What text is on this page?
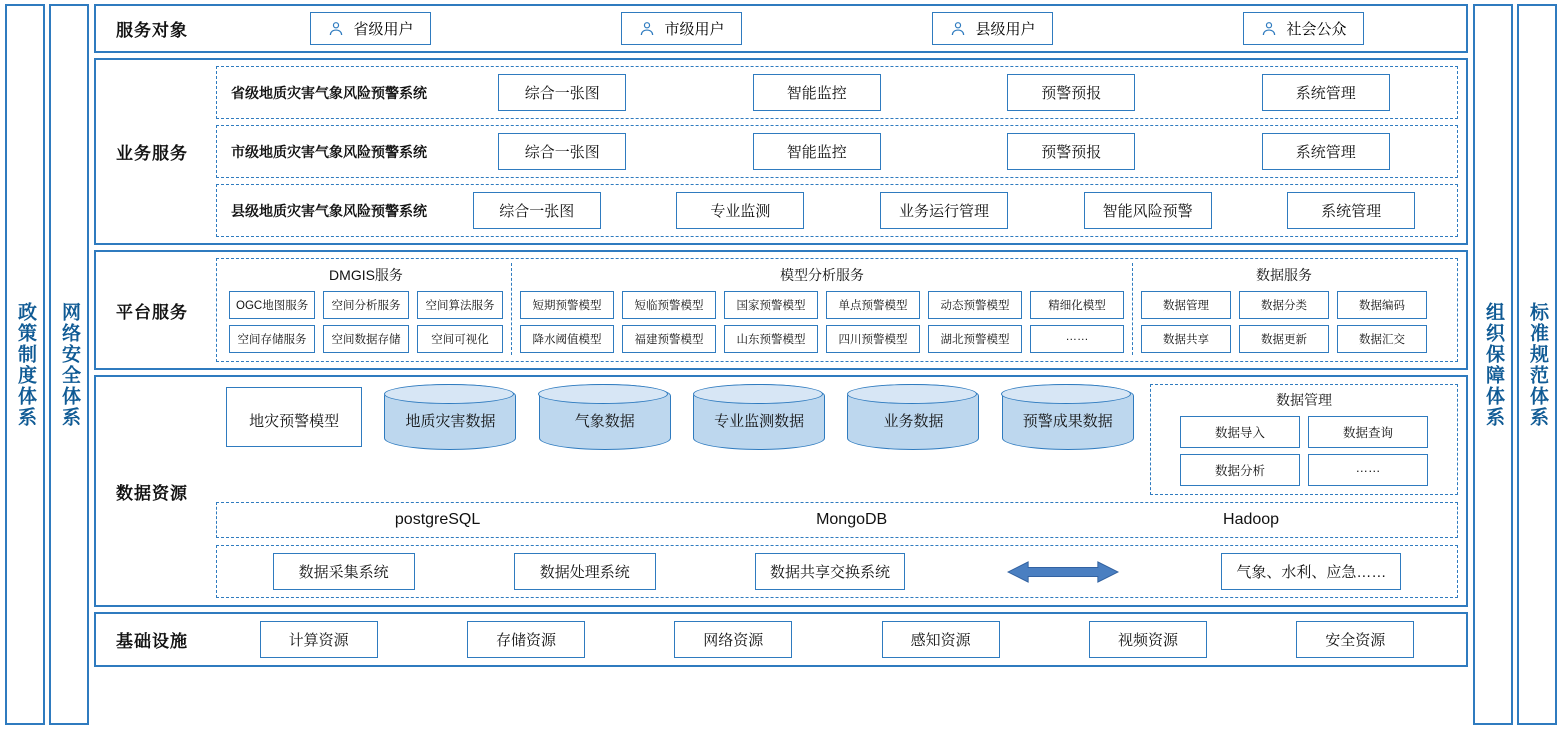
政策制度体系 网络安全体系
服务对象	省级用户	市级用户	县级用户	社会公众
业务服务
省级地质灾害气象风险预警系统	综合一张图	智能监控	预警预报	系统管理
市级地质灾害气象风险预警系统	综合一张图	智能监控	预警预报	系统管理
县级地质灾害气象风险预警系统	综合一张图	专业监测	业务运行管理	智能风险预警	系统管理
平台服务
DMGIS服务
OGC地图服务	空间分析服务	空间算法服务
空间存储服务	空间数据存储	空间可视化
模型分析服务
短期预警模型	短临预警模型	国家预警模型	单点预警模型	动态预警模型	精细化模型
降水阈值模型	福建预警模型	山东预警模型	四川预警模型	湖北预警模型	……
数据服务
数据管理	数据分类	数据编码
数据共享	数据更新	数据汇交
数据资源
地灾预警模型	地质灾害数据	气象数据	专业监测数据	业务数据	预警成果数据
数据管理
数据导入	数据查询
数据分析	……
postgreSQL	MongoDB	Hadoop
数据采集系统	数据处理系统	数据共享交换系统	气象、水利、应急……
基础设施	计算资源	存储资源	网络资源	感知资源	视频资源	安全资源
组织保障体系 标准规范体系
